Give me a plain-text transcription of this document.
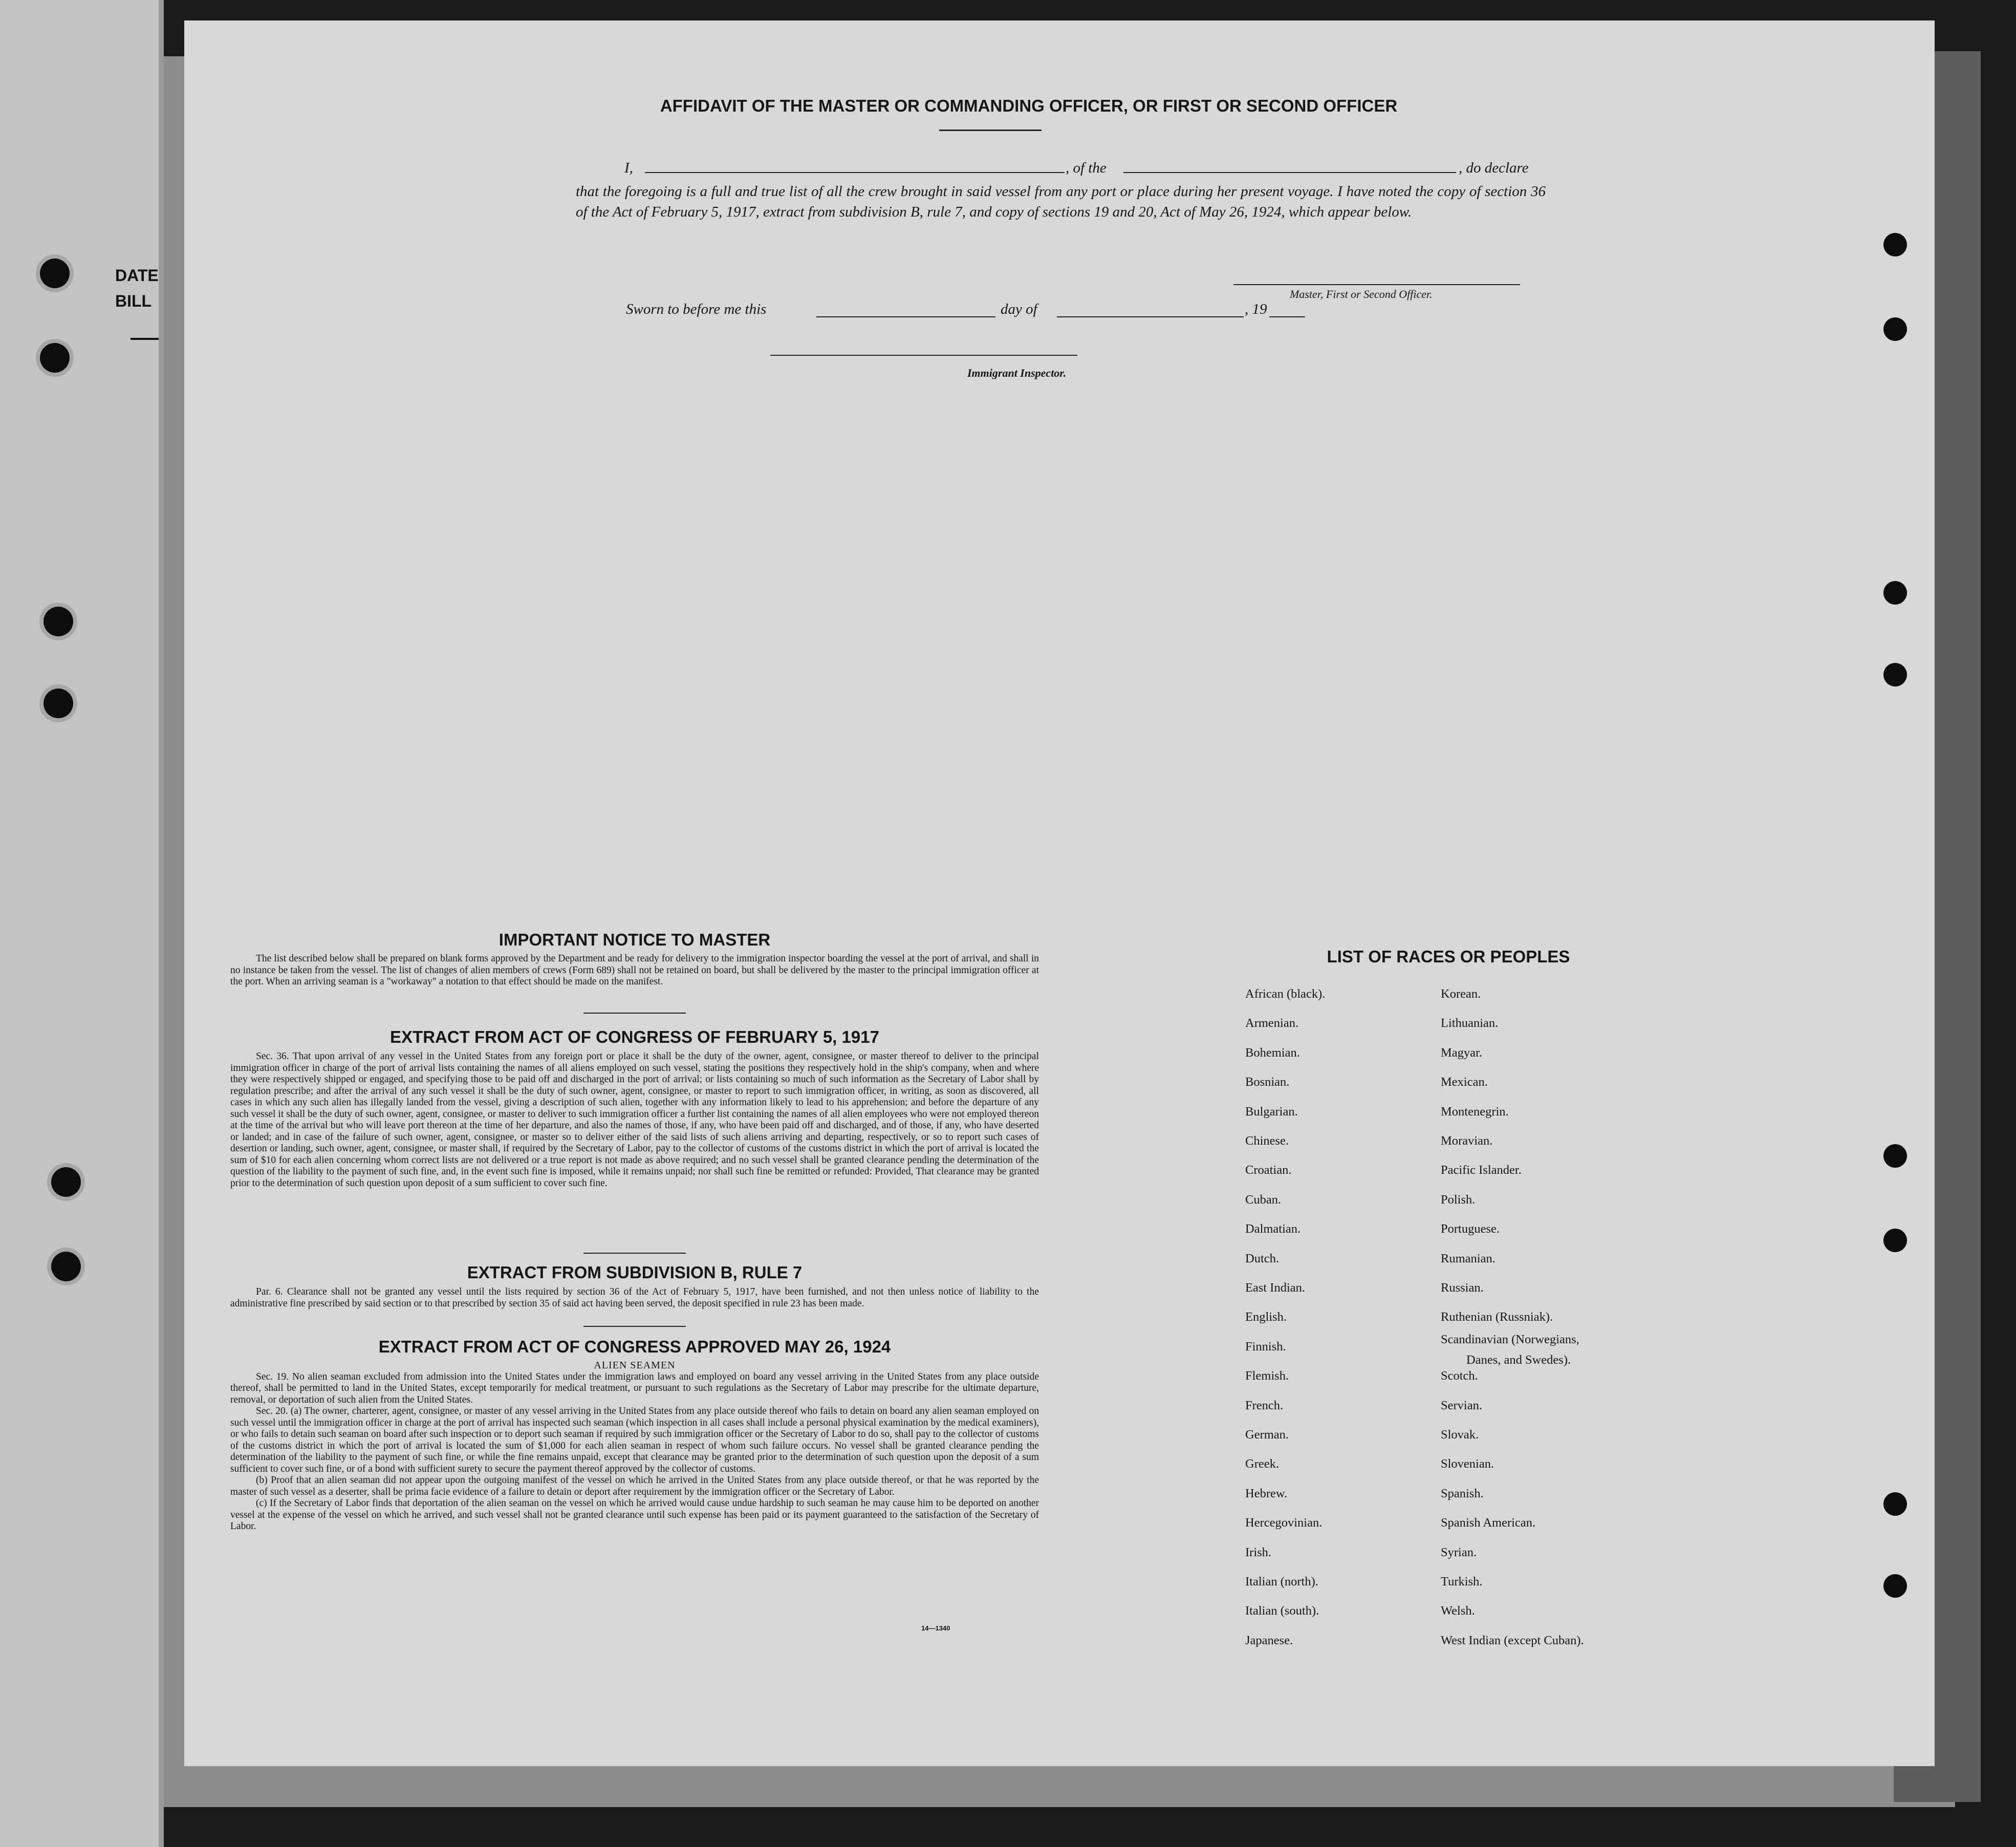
DATE
BILL
AFFIDAVIT OF THE MASTER OR COMMANDING OFFICER, OR FIRST OR SECOND OFFICER
I,	, of the	, do declare
that the foregoing is a full and true list of all the crew brought in said vessel from any port or place during her present voyage. I have noted the copy of section 36 of the Act of February 5, 1917, extract from subdivision B, rule 7, and copy of sections 19 and 20, Act of May 26, 1924, which appear below.
Master, First or Second Officer.
Sworn to before me this	day of	, 19
Immigrant Inspector.
IMPORTANT NOTICE TO MASTER

The list described below shall be prepared on blank forms approved by the Department and be ready for delivery to the immigration inspector boarding the vessel at the port of arrival, and shall in no instance be taken from the vessel. The list of changes of alien members of crews (Form 689) shall not be retained on board, but shall be delivered by the master to the principal immigration officer at the port. When an arriving seaman is a "workaway" a notation to that effect should be made on the manifest.

EXTRACT FROM ACT OF CONGRESS OF FEBRUARY 5, 1917

Sec. 36. That upon arrival of any vessel in the United States from any foreign port or place it shall be the duty of the owner, agent, consignee, or master thereof to deliver to the principal immigration officer in charge of the port of arrival lists containing the names of all aliens employed on such vessel, stating the positions they respectively hold in the ship's company, when and where they were respectively shipped or engaged, and specifying those to be paid off and discharged in the port of arrival; or lists containing so much of such information as the Secretary of Labor shall by regulation prescribe; and after the arrival of any such vessel it shall be the duty of such owner, agent, consignee, or master to report to such immigration officer, in writing, as soon as discovered, all cases in which any such alien has illegally landed from the vessel, giving a description of such alien, together with any information likely to lead to his apprehension; and before the departure of any such vessel it shall be the duty of such owner, agent, consignee, or master to deliver to such immigration officer a further list containing the names of all alien employees who were not employed thereon at the time of the arrival but who will leave port thereon at the time of her departure, and also the names of those, if any, who have been paid off and discharged, and of those, if any, who have deserted or landed; and in case of the failure of such owner, agent, consignee, or master so to deliver either of the said lists of such aliens arriving and departing, respectively, or so to report such cases of desertion or landing, such owner, agent, consignee, or master shall, if required by the Secretary of Labor, pay to the collector of customs of the customs district in which the port of arrival is located the sum of $10 for each alien concerning whom correct lists are not delivered or a true report is not made as above required; and no such vessel shall be granted clearance pending the determination of the question of the liability to the payment of such fine, and, in the event such fine is imposed, while it remains unpaid; nor shall such fine be remitted or refunded: Provided, That clearance may be granted prior to the determination of such question upon deposit of a sum sufficient to cover such fine.

EXTRACT FROM SUBDIVISION B, RULE 7

Par. 6. Clearance shall not be granted any vessel until the lists required by section 36 of the Act of February 5, 1917, have been furnished, and not then unless notice of liability to the administrative fine prescribed by said section or to that prescribed by section 35 of said act having been served, the deposit specified in rule 23 has been made.

EXTRACT FROM ACT OF CONGRESS APPROVED MAY 26, 1924

ALIEN SEAMEN

Sec. 19. No alien seaman excluded from admission into the United States under the immigration laws and employed on board any vessel arriving in the United States from any place outside thereof, shall be permitted to land in the United States, except temporarily for medical treatment, or pursuant to such regulations as the Secretary of Labor may prescribe for the ultimate departure, removal, or deportation of such alien from the United States.

Sec. 20. (a) The owner, charterer, agent, consignee, or master of any vessel arriving in the United States from any place outside thereof who fails to detain on board any alien seaman employed on such vessel until the immigration officer in charge at the port of arrival has inspected such seaman (which inspection in all cases shall include a personal physical examination by the medical examiners), or who fails to detain such seaman on board after such inspection or to deport such seaman if required by such immigration officer or the Secretary of Labor to do so, shall pay to the collector of customs of the customs district in which the port of arrival is located the sum of $1,000 for each alien seaman in respect of whom such failure occurs. No vessel shall be granted clearance pending the determination of the liability to the payment of such fine, or while the fine remains unpaid, except that clearance may be granted prior to the determination of such question upon the deposit of a sum sufficient to cover such fine, or of a bond with sufficient surety to secure the payment thereof approved by the collector of customs.

(b) Proof that an alien seaman did not appear upon the outgoing manifest of the vessel on which he arrived in the United States from any place outside thereof, or that he was reported by the master of such vessel as a deserter, shall be prima facie evidence of a failure to detain or deport after requirement by the immigration officer or the Secretary of Labor.

(c) If the Secretary of Labor finds that deportation of the alien seaman on the vessel on which he arrived would cause undue hardship to such seaman he may cause him to be deported on another vessel at the expense of the vessel on which he arrived, and such vessel shall not be granted clearance until such expense has been paid or its payment guaranteed to the satisfaction of the Secretary of Labor.

14—1340
LIST OF RACES OR PEOPLES
African (black).
Armenian.
Bohemian.
Bosnian.
Bulgarian.
Chinese.
Croatian.
Cuban.
Dalmatian.
Dutch.
East Indian.
English.
Finnish.
Flemish.
French.
German.
Greek.
Hebrew.
Hercegovinian.
Irish.
Italian (north).
Italian (south).
Japanese.
Korean.
Lithuanian.
Magyar.
Mexican.
Montenegrin.
Moravian.
Pacific Islander.
Polish.
Portuguese.
Rumanian.
Russian.
Ruthenian (Russniak).
Scandinavian (Norwegians,
Danes, and Swedes).
Scotch.
Servian.
Slovak.
Slovenian.
Spanish.
Spanish American.
Syrian.
Turkish.
Welsh.
West Indian (except Cuban).
